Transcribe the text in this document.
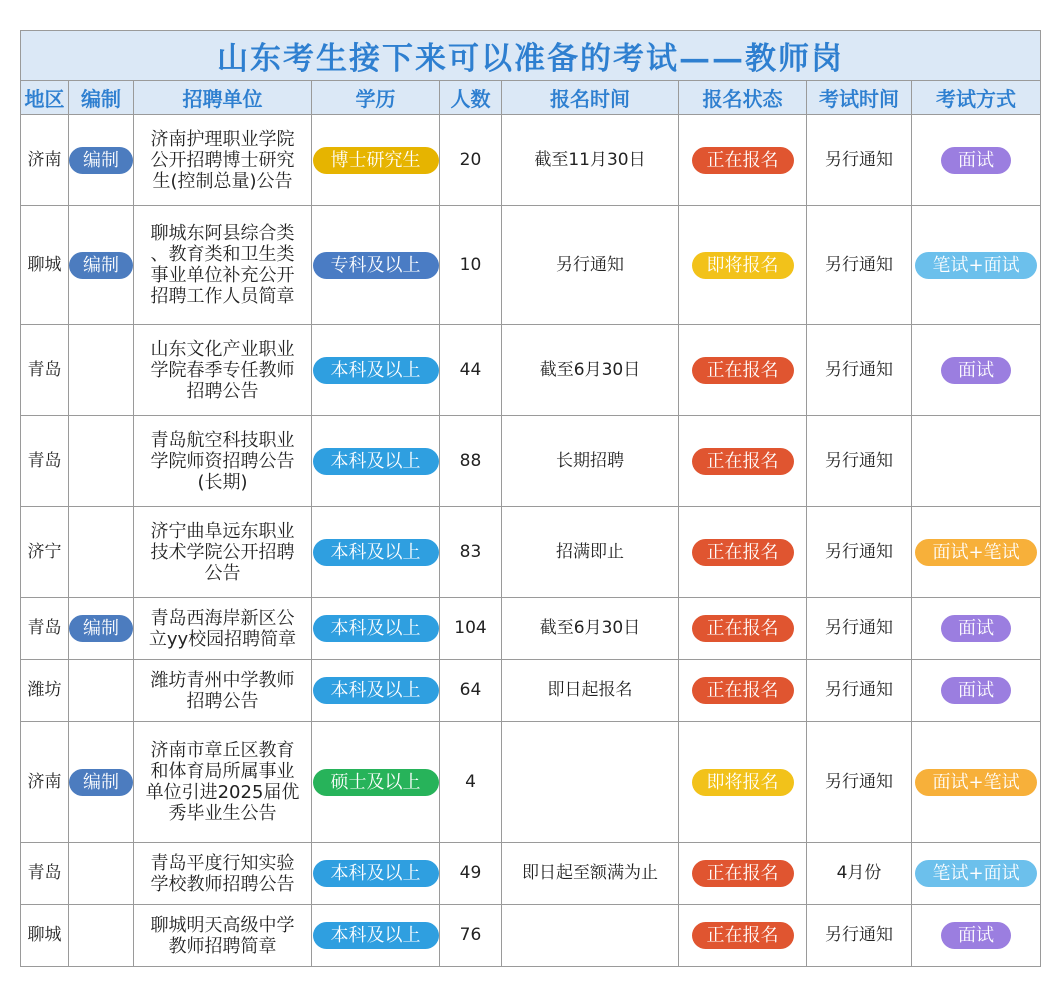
山东考生接下来可以准备的考试——教师岗								
地区	编制	招聘单位	学历	人数	报名时间	报名状态	考试时间	考试方式
济南	编制	济南护理职业学院
公开招聘博士研究
生(控制总量)公告	博士研究生	20	截至11月30日	正在报名	另行通知	面试
聊城	编制	聊城东阿县综合类
、教育类和卫生类
事业单位补充公开
招聘工作人员简章	专科及以上	10	另行通知	即将报名	另行通知	笔试+面试
青岛		山东文化产业职业
学院春季专任教师
招聘公告	本科及以上	44	截至6月30日	正在报名	另行通知	面试
青岛		青岛航空科技职业
学院师资招聘公告
(长期)	本科及以上	88	长期招聘	正在报名	另行通知	
济宁		济宁曲阜远东职业
技术学院公开招聘
公告	本科及以上	83	招满即止	正在报名	另行通知	面试+笔试
青岛	编制	青岛西海岸新区公
立yy校园招聘简章	本科及以上	104	截至6月30日	正在报名	另行通知	面试
潍坊		潍坊青州中学教师
招聘公告	本科及以上	64	即日起报名	正在报名	另行通知	面试
济南	编制	济南市章丘区教育
和体育局所属事业
单位引进2025届优
秀毕业生公告	硕士及以上	4		即将报名	另行通知	面试+笔试
青岛		青岛平度行知实验
学校教师招聘公告	本科及以上	49	即日起至额满为止	正在报名	4月份	笔试+面试
聊城		聊城明天高级中学
教师招聘简章	本科及以上	76		正在报名	另行通知	面试
